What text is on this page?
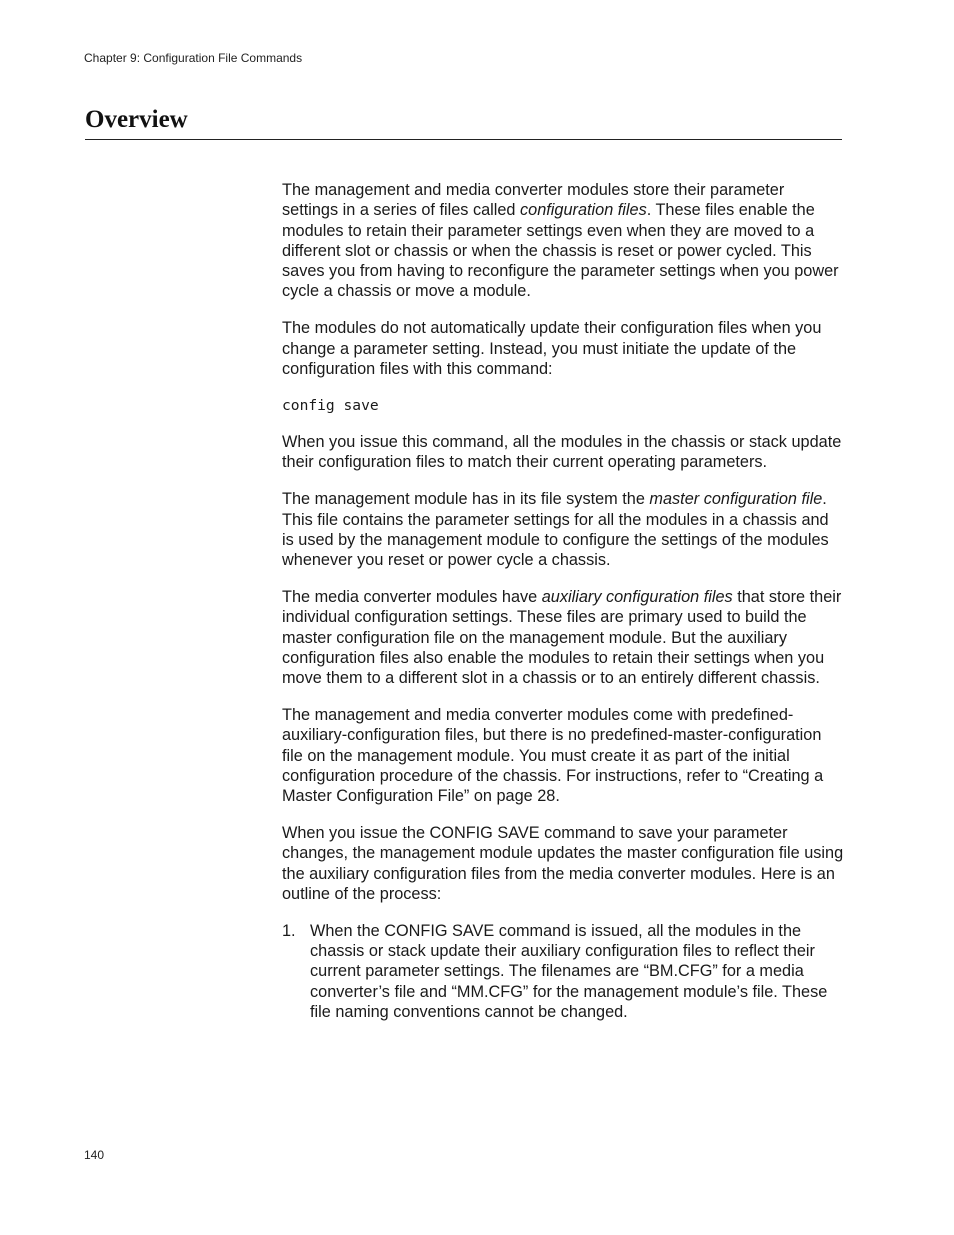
Chapter 9: Configuration File Commands
Overview

The management and media converter modules store their parameter settings in a series of files called configuration files. These files enable the modules to retain their parameter settings even when they are moved to a different slot or chassis or when the chassis is reset or power cycled. This saves you from having to reconfigure the parameter settings when you power cycle a chassis or move a module.

The modules do not automatically update their configuration files when you change a parameter setting. Instead, you must initiate the update of the configuration files with this command:

config save

When you issue this command, all the modules in the chassis or stack update their configuration files to match their current operating parameters.

The management module has in its file system the master configuration file. This file contains the parameter settings for all the modules in a chassis and is used by the management module to configure the settings of the modules whenever you reset or power cycle a chassis.

The media converter modules have auxiliary configuration files that store their individual configuration settings. These files are primary used to build the master configuration file on the management module. But the auxiliary configuration files also enable the modules to retain their settings when you move them to a different slot in a chassis or to an entirely different chassis.

The management and media converter modules come with predefined-auxiliary-configuration files, but there is no predefined-master-configuration file on the management module. You must create it as part of the initial configuration procedure of the chassis. For instructions, refer to “Creating a Master Configuration File” on page 28.

When you issue the CONFIG SAVE command to save your parameter changes, the management module updates the master configuration file using the auxiliary configuration files from the media converter modules. Here is an outline of the process:

1. When the CONFIG SAVE command is issued, all the modules in the chassis or stack update their auxiliary configuration files to reflect their current parameter settings. The filenames are “BM.CFG” for a media converter’s file and “MM.CFG” for the management module’s file. These file naming conventions cannot be changed.
140
